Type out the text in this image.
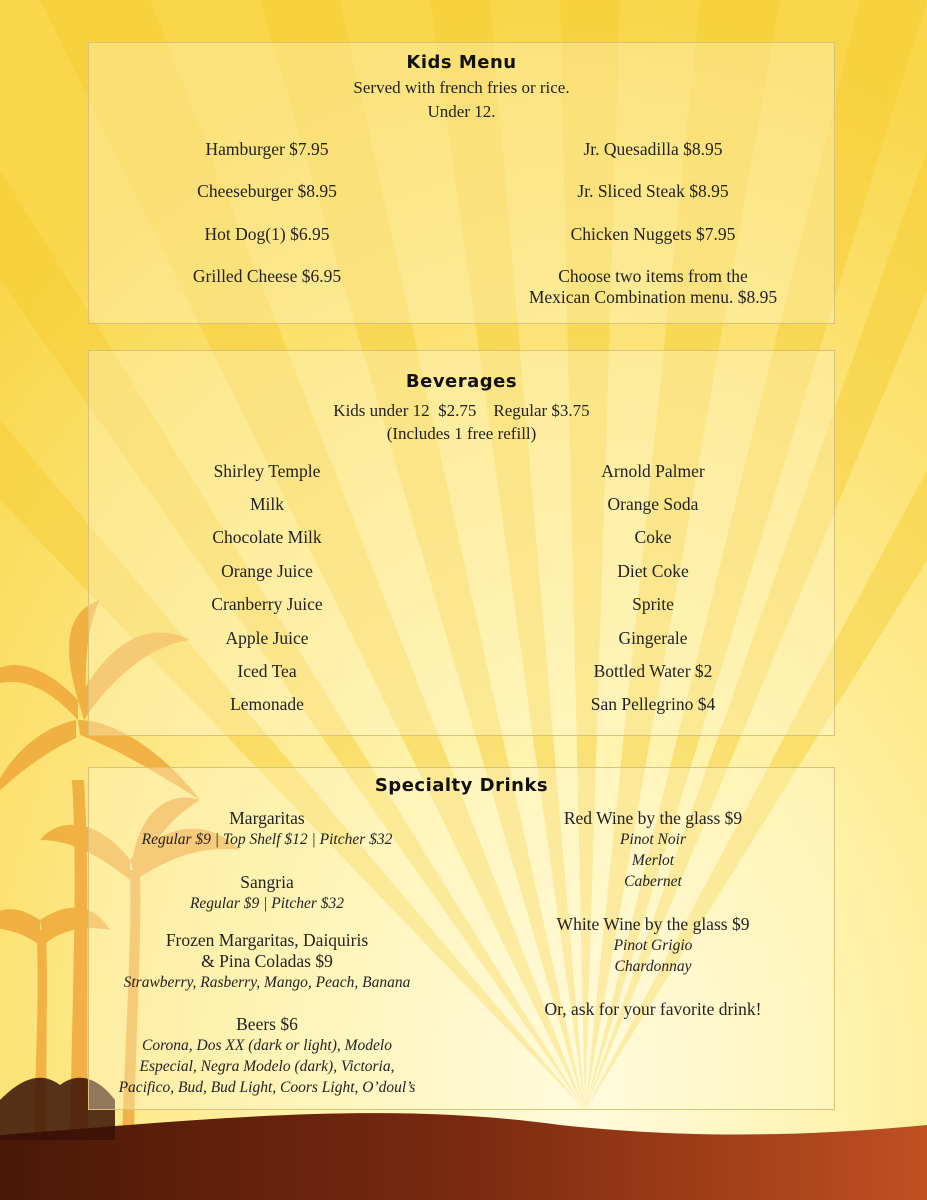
Kids Menu
Served with french fries or rice.
Under 12.
Hamburger $7.95
Cheeseburger $8.95
Hot Dog(1) $6.95
Grilled Cheese $6.95
Jr. Quesadilla $8.95
Jr. Sliced Steak $8.95
Chicken Nuggets $7.95
Choose two items from the
Mexican Combination menu. $8.95
Beverages
Kids under 12  $2.75    Regular $3.75
(Includes 1 free refill)
Shirley Temple
Milk
Chocolate Milk
Orange Juice
Cranberry Juice
Apple Juice
Iced Tea
Lemonade
Arnold Palmer
Orange Soda
Coke
Diet Coke
Sprite
Gingerale
Bottled Water $2
San Pellegrino $4
Specialty Drinks
Margaritas
Regular $9 | Top Shelf $12 | Pitcher $32
Sangria
Regular $9 | Pitcher $32
Frozen Margaritas, Daiquiris
& Pina Coladas $9
Strawberry, Rasberry, Mango, Peach, Banana
Beers $6
Corona, Dos XX (dark or light), Modelo
Especial, Negra Modelo (dark), Victoria,
Pacifico, Bud, Bud Light, Coors Light, O’doul’s
Red Wine by the glass $9
Pinot Noir
Merlot
Cabernet
White Wine by the glass $9
Pinot Grigio
Chardonnay
Or, ask for your favorite drink!
